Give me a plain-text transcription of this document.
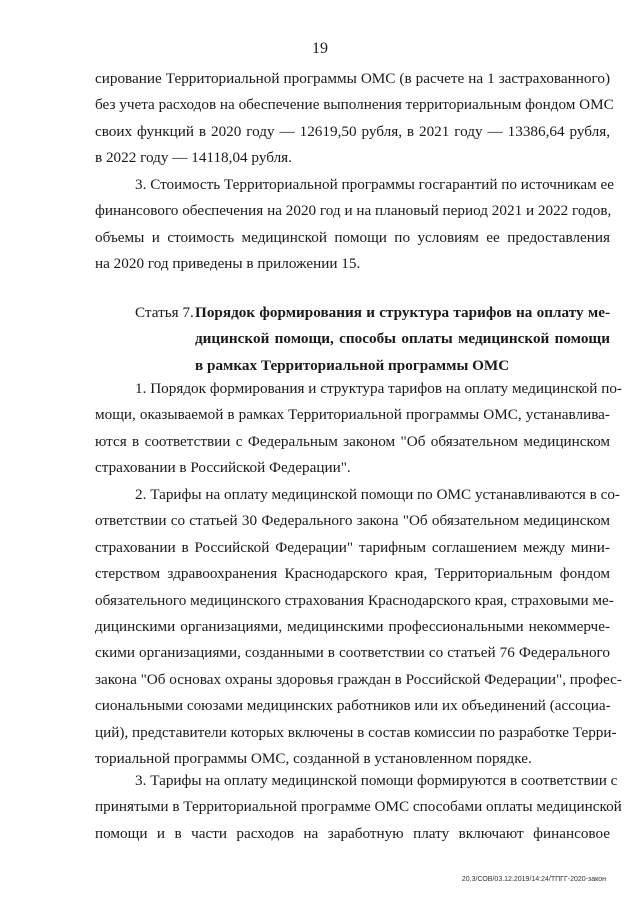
19
сирование Территориальной программы ОМС (в расчете на 1 застрахованного)
без учета расходов на обеспечение выполнения территориальным фондом ОМС
своих функций в 2020 году — 12619,50 рубля, в 2021 году — 13386,64 рубля,
в 2022 году — 14118,04 рубля.
3. Стоимость Территориальной программы госгарантий по источникам ее
финансового обеспечения на 2020 год и на плановый период 2021 и 2022 годов,
объемы и стоимость медицинской помощи по условиям ее предоставления
на 2020 год приведены в приложении 15.
Статья 7. Порядок формирования и структура тарифов на оплату ме-
дицинской помощи, способы оплаты медицинской помощи
в рамках Территориальной программы ОМС
1. Порядок формирования и структура тарифов на оплату медицинской по-
мощи, оказываемой в рамках Территориальной программы ОМС, устанавлива-
ются в соответствии с Федеральным законом "Об обязательном медицинском
страховании в Российской Федерации".
2. Тарифы на оплату медицинской помощи по ОМС устанавливаются в со-
ответствии со статьей 30 Федерального закона "Об обязательном медицинском
страховании в Российской Федерации" тарифным соглашением между мини-
стерством здравоохранения Краснодарского края, Территориальным фондом
обязательного медицинского страхования Краснодарского края, страховыми ме-
дицинскими организациями, медицинскими профессиональными некоммерче-
скими организациями, созданными в соответствии со статьей 76 Федерального
закона "Об основах охраны здоровья граждан в Российской Федерации", профес-
сиональными союзами медицинских работников или их объединений (ассоциа-
ций), представители которых включены в состав комиссии по разработке Терри-
ториальной программы ОМС, созданной в установленном порядке.
3. Тарифы на оплату медицинской помощи формируются в соответствии с
принятыми в Территориальной программе ОМС способами оплаты медицинской
помощи и в части расходов на заработную плату включают финансовое
20.3/СОВ/03.12.2019/14:24/ТПГГ-2020-закон
